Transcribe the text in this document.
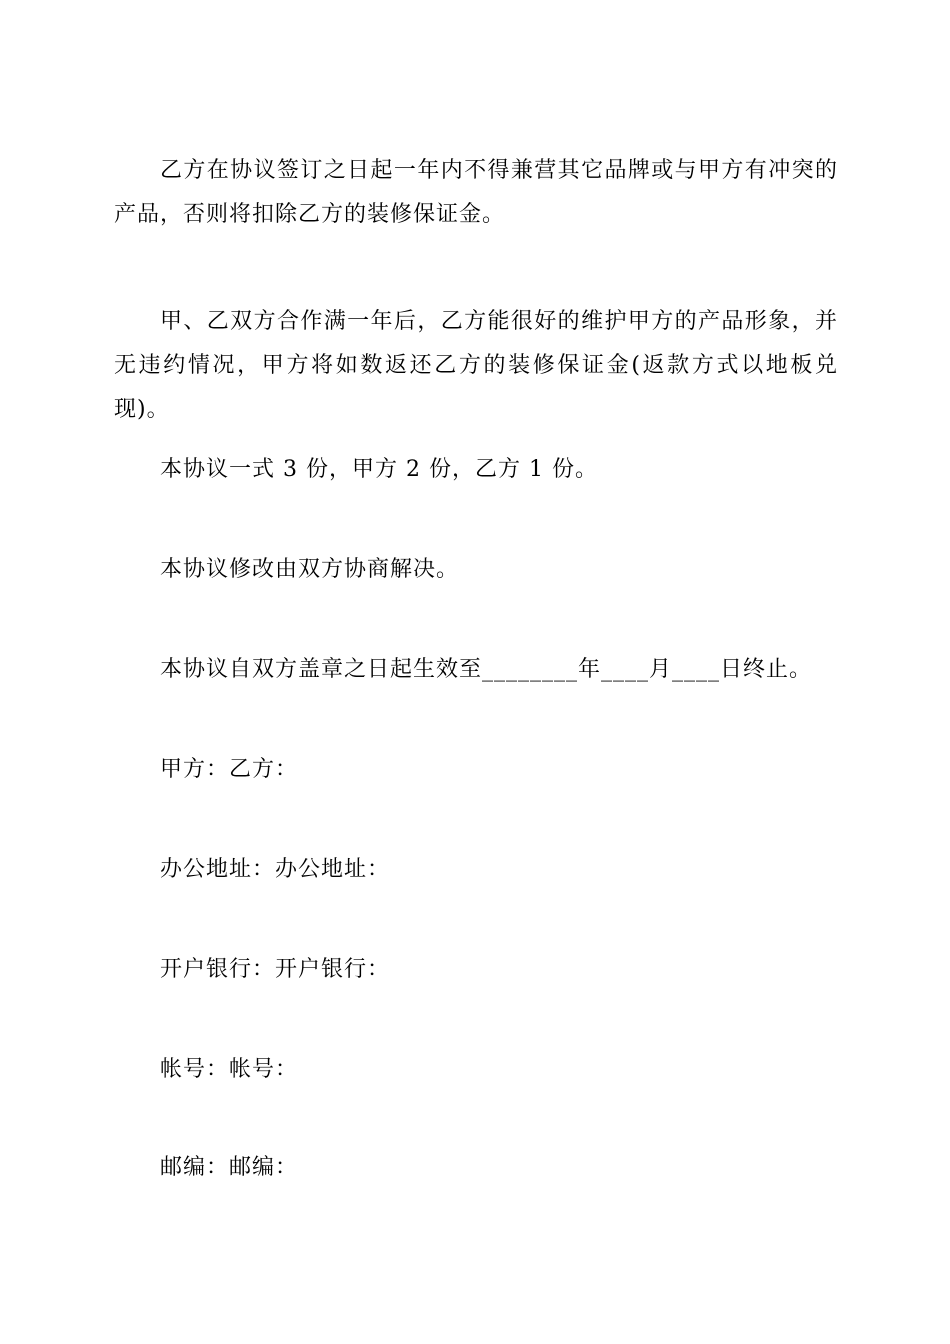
乙方在协议签订之日起一年内不得兼营其它品牌或与甲方有冲突的产品，否则将扣除乙方的装修保证金。

甲、乙双方合作满一年后，乙方能很好的维护甲方的产品形象，并无违约情况，甲方将如数返还乙方的装修保证金(返款方式以地板兑现)。

本协议一式 3 份，甲方 2 份，乙方 1 份。

本协议修改由双方协商解决。

本协议自双方盖章之日起生效至________年____月____日终止。

甲方：乙方：

办公地址：办公地址：

开户银行：开户银行：

帐号：帐号：

邮编：邮编：
